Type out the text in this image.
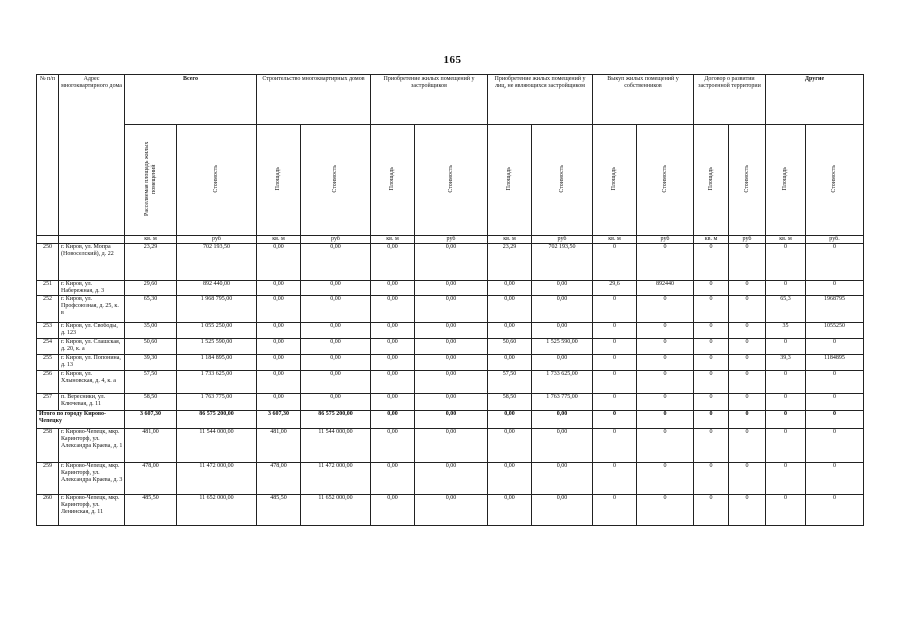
165
№ п/п	Адрес многоквартирного дома	Всего		Строительство многоквартирных домов		Приобретение жилых помещений у застройщиков		Приобретение жилых помещений у лиц, не являющихся застройщиком		Выкуп жилых помещений у собственников		Договор о развитии застроенной территории		Другие	
		Расселяемая площадь жилых помещений	Стоимость	Площадь	Стоимость	Площадь	Стоимость	Площадь	Стоимость	Площадь	Стоимость	Площадь	Стоимость	Площадь	Стоимость
		кв. м	руб	кв. м	руб	кв. м	руб	кв. м	руб	кв. м	руб	кв. м	руб	кв. м	руб.
250	г. Киров, ул. Мопра (Новоселский), д. 22	23,29	702 193,50	0,00	0,00	0,00	0,00	23,29	702 193,50	0	0	0	0	0	0
251	г. Киров, ул. Набережная, д. 3	29,60	892 440,00	0,00	0,00	0,00	0,00	0,00	0,00	29,6	892440	0	0	0	0
252	г. Киров, ул. Профсоюзная, д. 25, к. в	65,30	1 968 795,00	0,00	0,00	0,00	0,00	0,00	0,00	0	0	0	0	65,3	1968795
253	г. Киров, ул. Свободы, д. 123	35,00	1 055 250,00	0,00	0,00	0,00	0,00	0,00	0,00	0	0	0	0	35	1055250
254	г. Киров, ул. Слашская, д. 20, к. а	50,60	1 525 590,00	0,00	0,00	0,00	0,00	50,60	1 525 590,00	0	0	0	0	0	0
255	г. Киров, ул. Попонина, д. 13	39,30	1 184 895,00	0,00	0,00	0,00	0,00	0,00	0,00	0	0	0	0	39,3	1184895
256	г. Киров, ул. Хлыновская, д. 4, к. а	57,50	1 733 625,00	0,00	0,00	0,00	0,00	57,50	1 733 625,00	0	0	0	0	0	0
257	п. Вересники, ул. Ключевая, д. 11	58,50	1 763 775,00	0,00	0,00	0,00	0,00	58,50	1 763 775,00	0	0	0	0	0	0
Итого по городу Кирово-Чепецку		3 607,30	86 575 200,00	3 607,30	86 575 200,00	0,00	0,00	0,00	0,00	0	0	0	0	0	0
258	г. Кирово-Чепецк, мкр. Каринторф, ул. Александра Краева, д. 1	481,00	11 544 000,00	481,00	11 544 000,00	0,00	0,00	0,00	0,00	0	0	0	0	0	0
259	г. Кирово-Чепецк, мкр. Каринторф, ул. Александра Краева, д. 3	478,00	11 472 000,00	478,00	11 472 000,00	0,00	0,00	0,00	0,00	0	0	0	0	0	0
260	г. Кирово-Чепецк, мкр. Каринторф, ул. Ленинская, д. 11	485,50	11 652 000,00	485,50	11 652 000,00	0,00	0,00	0,00	0,00	0	0	0	0	0	0
